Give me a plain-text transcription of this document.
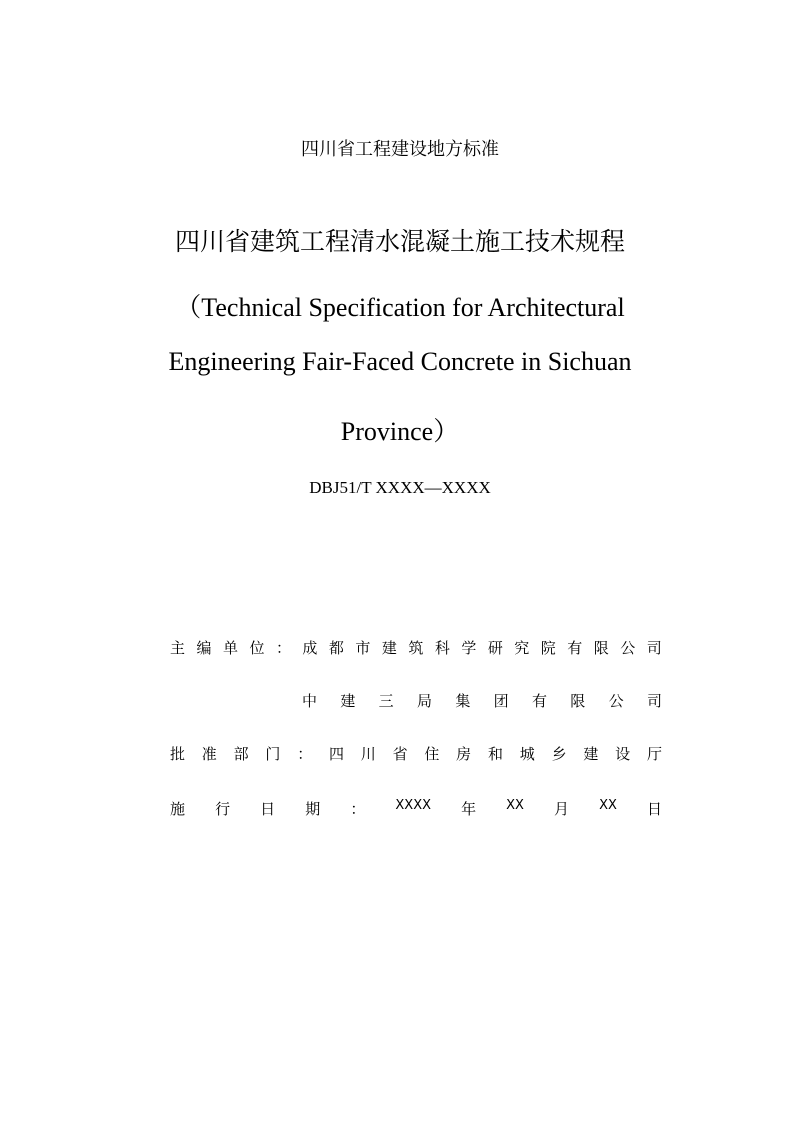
四川省工程建设地方标准
四川省建筑工程清水混凝土施工技术规程
（Technical Specification for Architectural
Engineering Fair-Faced Concrete in Sichuan
Province）
DBJ51/T XXXX—XXXX
主 编 单 位 ： 成 都 市 建 筑 科 学 研 究 院 有 限 公 司
中 建 三 局 集 团 有 限 公 司
批 准 部 门 ： 四 川 省 住 房 和 城 乡 建 设 厅
施 行 日 期 ： XXXX 年 XX 月 XX 日
